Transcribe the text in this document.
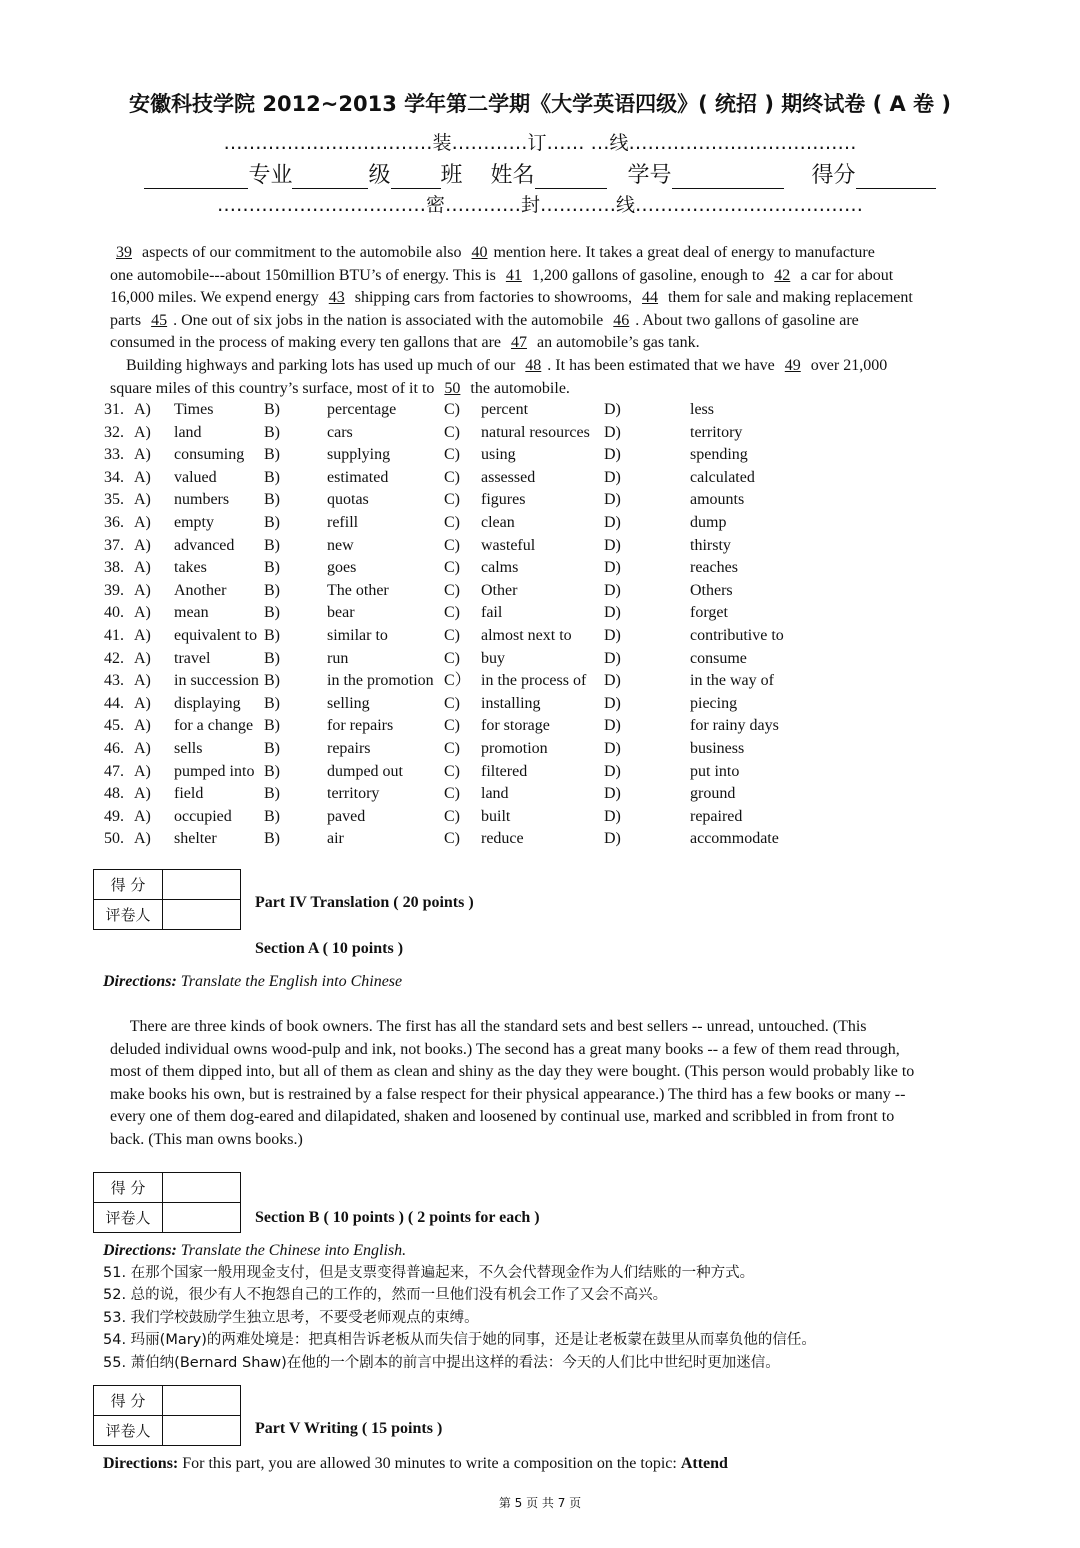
安徽科技学院 2012~2013 学年第二学期《大学英语四级》( 统招 ) 期终试卷 ( A 卷 )
……………………………装…………订…… …线………………………………
专业	级 班 姓名	学号	得分
……………………………密…………封…………线………………………………
39 aspects of our commitment to the automobile also 40 mention here. It takes a great deal of energy to manufacture
one automobile---about 150million BTU’s of energy. This is 41 1,200 gallons of gasoline, enough to 42 a car for about
16,000 miles. We expend energy 43 shipping cars from factories to showrooms, 44 them for sale and making replacement
parts 45 . One out of six jobs in the nation is associated with the automobile 46 . About two gallons of gasoline are
consumed in the process of making every ten gallons that are 47 an automobile’s gas tank.
Building highways and parking lots has used up much of our 48 . It has been estimated that we have 49 over 21,000
square miles of this country’s surface, most of it to 50 the automobile.
31. A) Times	B)	percentage	C) percent	D)	less
32. A) land	B)	cars	C) natural resources D)	territory
33. A) consuming B)	supplying	C) using	D)	spending
34. A) valued	B)	estimated	C) assessed	D)	calculated
35. A) numbers B)	quotas	C) figures	D)	amounts
36. A) empty	B)	refill	C) clean	D)	dump
37. A) advanced B)	new	C) wasteful	D)	thirsty
38. A) takes	B)	goes	C) calms	D)	reaches
39. A) Another B)	The other	C) Other	D)	Others
40. A) mean	B)	bear	C) fail	D)	forget
41. A) equivalent to B)	similar to	C) almost next to D)	contributive to
42. A) travel	B)	run	C) buy	D)	consume
43. A) in succession B)	in the promotion C） in the process of D)	in the way of
44. A) displaying B)	selling	C) installing	D)	piecing
45. A) for a change B)	for repairs	C) for storage	D)	for rainy days
46. A) sells	B)	repairs	C) promotion	D)	business
47. A) pumped into B)	dumped out	C) filtered	D)	put into
48. A) field	B)	territory	C) land	D)	ground
49. A) occupied B)	paved	C) built	D)	repaired
50. A) shelter	B)	air	C) reduce	D)	accommodate
得 分	
评卷人	
Part IV Translation ( 20 points )
Section A ( 10 points )
Directions: Translate the English into Chinese
There are three kinds of book owners. The first has all the standard sets and best sellers -- unread, untouched. (This
deluded individual owns wood-pulp and ink, not books.) The second has a great many books -- a few of them read through,
most of them dipped into, but all of them as clean and shiny as the day they were bought. (This person would probably like to
make books his own, but is restrained by a false respect for their physical appearance.) The third has a few books or many --
every one of them dog-eared and dilapidated, shaken and loosened by continual use, marked and scribbled in from front to
back. (This man owns books.)
得 分	
评卷人		Section B ( 10 points ) ( 2 points for each )
Directions: Translate the Chinese into English.
51. 在那个国家一般用现金支付，但是支票变得普遍起来，不久会代替现金作为人们结账的一种方式。
52. 总的说，很少有人不抱怨自己的工作的，然而一旦他们没有机会工作了又会不高兴。
53. 我们学校鼓励学生独立思考，不要受老师观点的束缚。
54. 玛丽(Mary)的两难处境是：把真相告诉老板从而失信于她的同事，还是让老板蒙在鼓里从而辜负他的信任。
55. 萧伯纳(Bernard Shaw)在他的一个剧本的前言中提出这样的看法：今天的人们比中世纪时更加迷信。
得 分	
评卷人		Part V Writing ( 15 points )
Directions: For this part, you are allowed 30 minutes to write a composition on the topic: Attend
第 5 页 共 7 页
